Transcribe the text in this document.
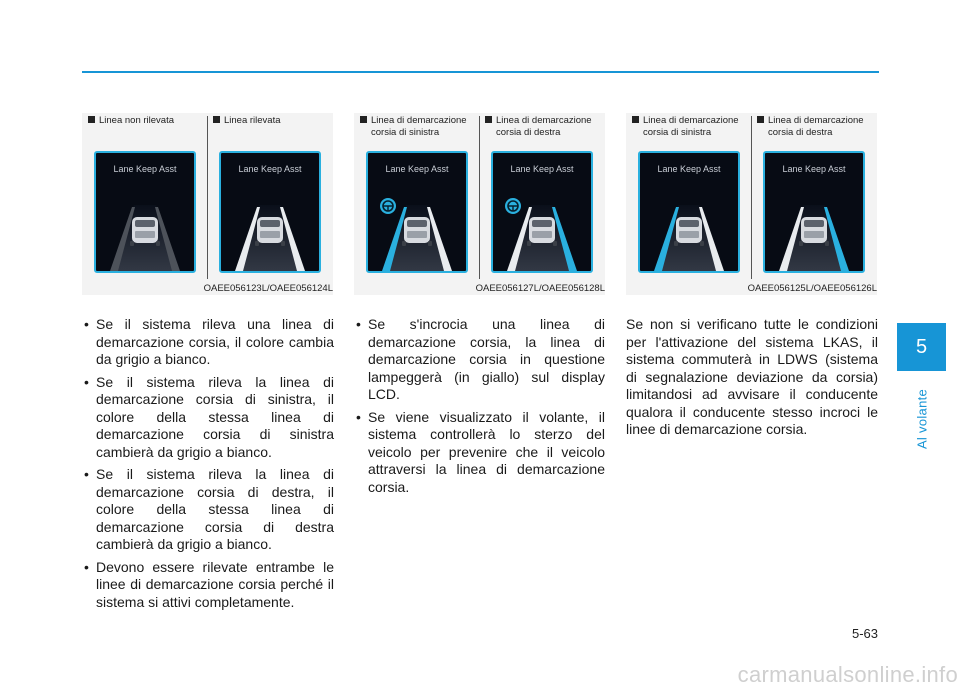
5
Al volante
Linea non rilevata	Linea rilevata
Lane Keep Asst	Lane Keep Asst
OAEE056123L/OAEE056124L
Linea di demarcazione
corsia di sinistra
Linea di demarcazione
corsia di destra
Lane Keep Asst	Lane Keep Asst
OAEE056127L/OAEE056128L
Linea di demarcazione
corsia di sinistra
Linea di demarcazione
corsia di destra
Lane Keep Asst	Lane Keep Asst
OAEE056125L/OAEE056126L
• Se il sistema rileva una linea di demarcazione corsia, il colore cambia da grigio a bianco.
• Se il sistema rileva la linea di demarcazione corsia di sinistra, il colore della stessa linea di demarcazione corsia di sinistra cambierà da grigio a bianco.
• Se il sistema rileva la linea di demarcazione corsia di destra, il colore della stessa linea di demarcazione corsia di destra cambierà da grigio a bianco.
• Devono essere rilevate entrambe le linee di demarcazione corsia perché il sistema si attivi completamente.
• Se s'incrocia una linea di demarcazione corsia, la linea di demarcazione corsia in questione lampeggerà (in giallo) sul display LCD.
• Se viene visualizzato il volante, il sistema controllerà lo sterzo del veicolo per prevenire che il veicolo attraversi la linea di demarcazione corsia.

Se non si verificano tutte le condizioni per l'attivazione del sistema LKAS, il sistema commuterà in LDWS (sistema di segnalazione deviazione da corsia) limitandosi ad avvisare il conducente qualora il conducente stesso incroci le linee di demarcazione corsia.

5-63
carmanualsonline.info
